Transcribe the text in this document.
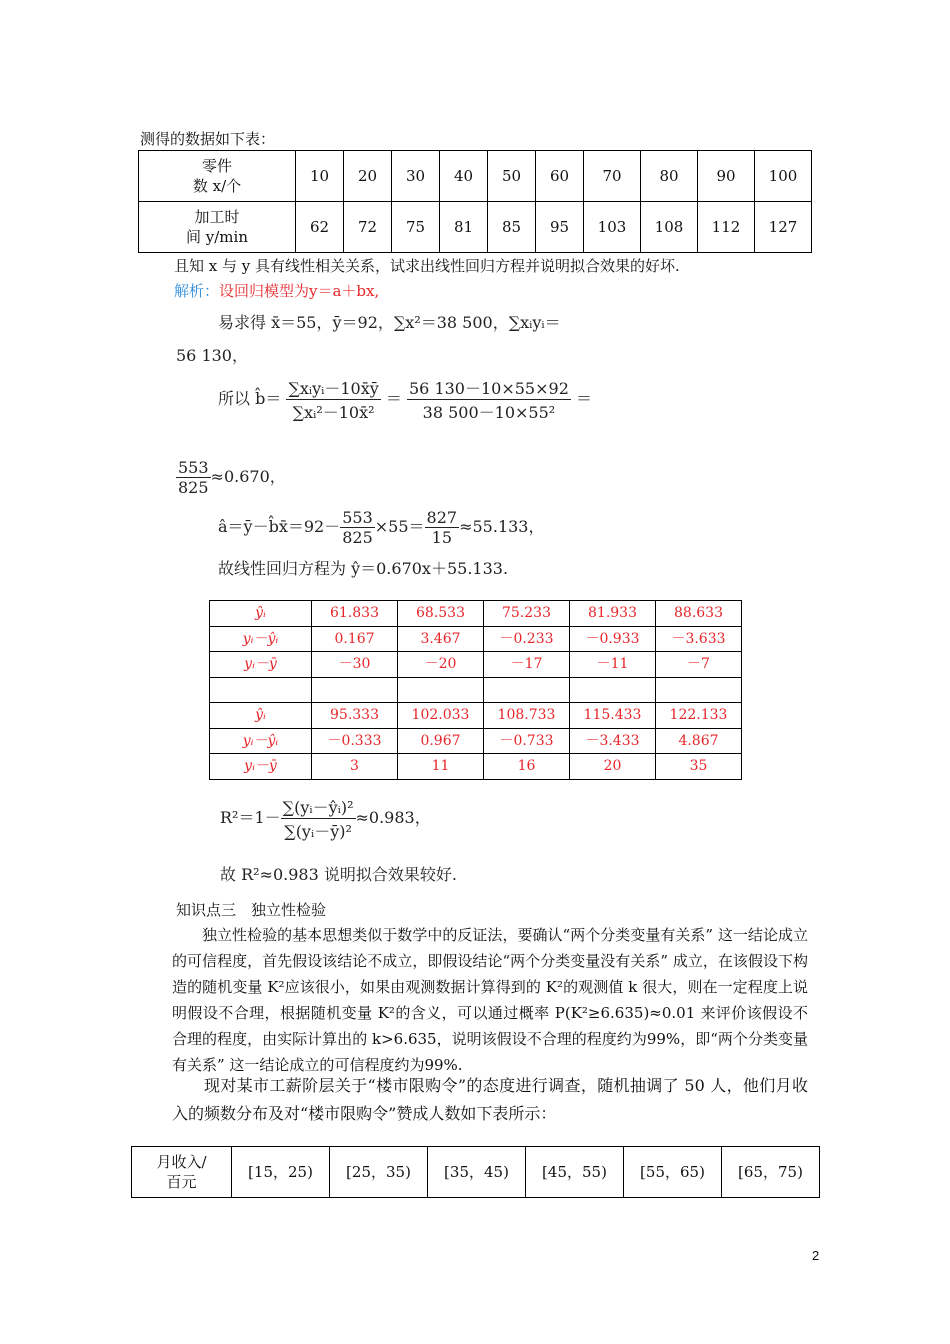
测得的数据如下表：
零件
数 x/个	10	20	30	40	50	60	70	80	90	100

加工时
间 y/min	62	72	75	81	85	95	103	108	112	127
且知 x 与 y 具有线性相关关系，试求出线性回归方程并说明拟合效果的好坏.
解析：设回归模型为y＝a＋bx,
易求得 x̄＝55，ȳ＝92，∑x²＝38 500，∑xᵢyᵢ＝
56 130，
所以 b̂＝ $\frac{\text{∑xᵢyᵢ－10x̄ȳ}}{\text{∑xᵢ²－10x̄²}} = \frac{56 130-10\times 55\times 92}{\text{38 500－10×55²}}$ ＝
$\frac{553}{825} \approx 0.670$，
â＝ȳ－b̂x̄＝92－ $\frac{553}{825} \times 55= \frac{827}{15} \approx 55.133$，
故线性回归方程为 ŷ＝0.670x＋55.133.
ŷᵢ	61.833	68.533	75.233	81.933	88.633
yᵢ－ŷᵢ	0.167	3.467	－0.233	－0.933	－3.633
yᵢ－ȳ	－30	－20	－17	－11	－7

ŷᵢ	95.333	102.033	108.733	115.433	122.133
yᵢ－ŷᵢ	－0.333	0.967	－0.733	－3.433	4.867
yᵢ－ȳ	3	11	16	20	35
$R^2=1- \frac{\text{∑(yᵢ－ŷᵢ)²}}{\text{∑(yᵢ－ȳ)²}} \approx 0.983$，
故 R²≈0.983 说明拟合效果较好.
知识点三　独立性检验
独立性检验的基本思想类似于数学中的反证法，要确认“两个分类变量有关系” 这一结论成立的可信程度，首先假设该结论不成立，即假设结论“两个分类变量没有关系” 成立，在该假设下构造的随机变量 K²应该很小，如果由观测数据计算得到的 K²的观测值 k 很大，则在一定程度上说明假设不合理，根据随机变量 K²的含义，可以通过概率 P(K²≥6.635)≈0.01 来评价该假设不合理的程度，由实际计算出的 k>6.635，说明该假设不合理的程度约为99%，即“两个分类变量有关系” 这一结论成立的可信程度约为99%.
现对某市工薪阶层关于“楼市限购令”的态度进行调查，随机抽调了 50 人，他们月收入的频数分布及对“楼市限购令”赞成人数如下表所示：
月收入/
百元
	[15，25)	[25，35)	[35，45)	[45，55)	[55，65)	[65，75)
2
